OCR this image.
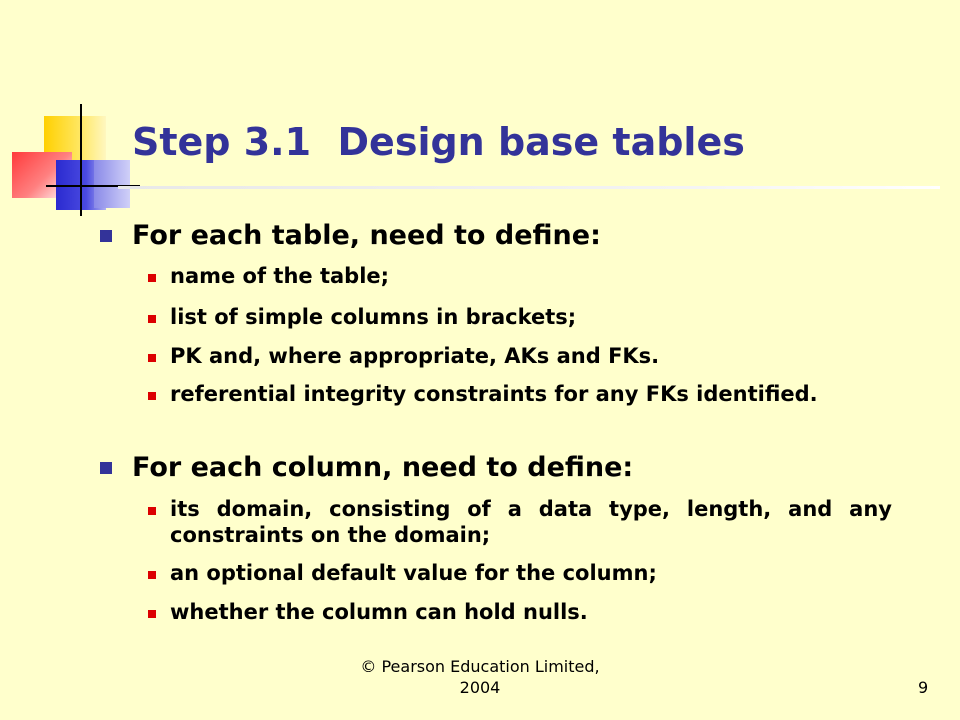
Step 3.1  Design base tables
For each table, need to define:
name of the table;
list of simple columns in brackets;
PK and, where appropriate, AKs and FKs.
referential integrity constraints for any FKs identified.
For each column, need to define:
its domain, consisting of a data type, length, and any constraints on the domain;
an optional default value for the column;
whether the column can hold nulls.
© Pearson Education Limited,
2004	9
